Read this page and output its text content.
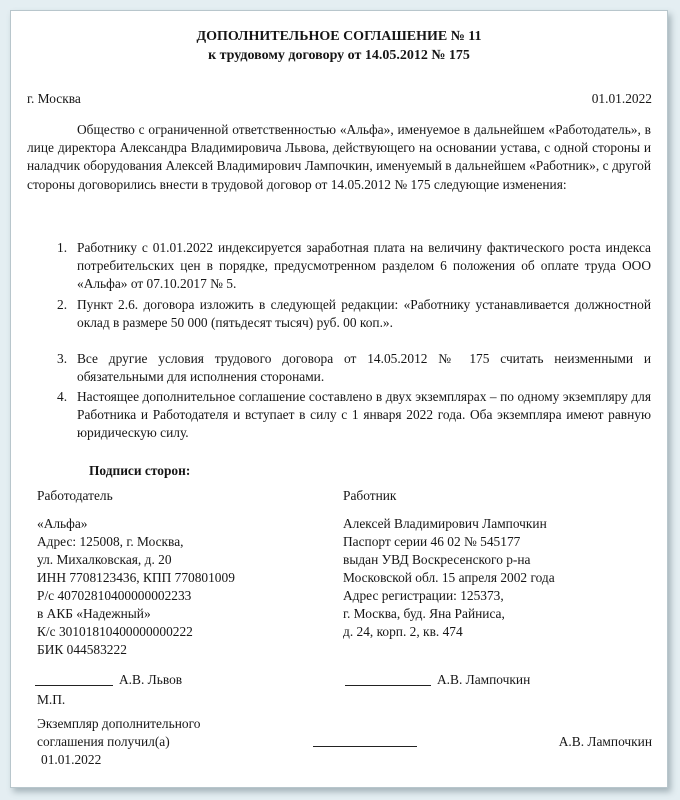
ДОПОЛНИТЕЛЬНОЕ СОГЛАШЕНИЕ № 11
к трудовому договору от 14.05.2012 № 175
г. Москва	01.01.2022
Общество с ограниченной ответственностью «Альфа», именуемое в дальнейшем «Работодатель», в лице директора Александра Владимировича Львова, действующего на основании устава, с одной стороны и наладчик оборудования Алексей Владимирович Лампочкин, именуемый в дальнейшем «Работник», с другой стороны договорились внести в трудовой договор от 14.05.2012 № 175 следующие изменения:
1. Работнику с 01.01.2022 индексируется заработная плата на величину фактического роста индекса потребительских цен в порядке, предусмотренном разделом 6 положения об оплате труда ООО «Альфа» от 07.10.2017 № 5.
2. Пункт 2.6. договора изложить в следующей редакции: «Работнику устанавливается должностной оклад в размере 50 000 (пятьдесят тысяч) руб. 00 коп.».
3. Все другие условия трудового договора от 14.05.2012 № 175 считать неизменными и обязательными для исполнения сторонами.
4. Настоящее дополнительное соглашение составлено в двух экземплярах – по одному экземпляру для Работника и Работодателя и вступает в силу с 1 января 2022 года. Оба экземпляра имеют равную юридическую силу.
Подписи сторон:
Работодатель
«Альфа»
Адрес: 125008, г. Москва,
ул. Михалковская, д. 20
ИНН 7708123436, КПП 770801009
Р/с 40702810400000002233
в АКБ «Надежный»
К/с 30101810400000000222
БИК 044583222
А.В. Львов
М.П.
Работник
Алексей Владимирович Лампочкин
Паспорт серии 46 02 № 545177
выдан УВД Воскресенского р-на
Московской обл. 15 апреля 2002 года
Адрес регистрации: 125373,
г. Москва, буд. Яна Райниса,
д. 24, корп. 2, кв. 474
А.В. Лампочкин
Экземпляр дополнительного
соглашения получил(а)
01.01.2022
А.В. Лампочкин
